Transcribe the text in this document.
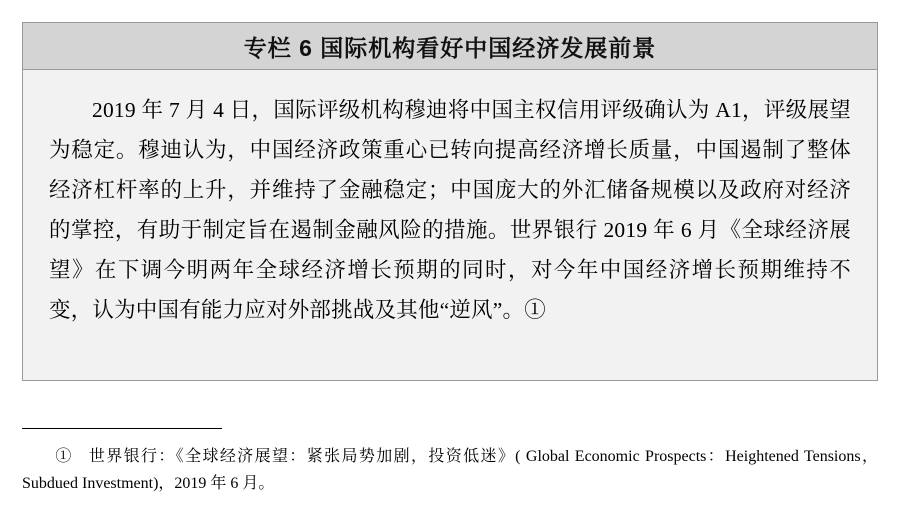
专栏 6 国际机构看好中国经济发展前景

2019 年 7 月 4 日，国际评级机构穆迪将中国主权信用评级确认为 A1，评级展望为稳定。穆迪认为，中国经济政策重心已转向提高经济增长质量，中国遏制了整体经济杠杆率的上升，并维持了金融稳定；中国庞大的外汇储备规模以及政府对经济的掌控，有助于制定旨在遏制金融风险的措施。世界银行 2019 年 6 月《全球经济展望》在下调今明两年全球经济增长预期的同时，对今年中国经济增长预期维持不变，认为中国有能力应对外部挑战及其他“逆风”。①

① 世界银行：《全球经济展望：紧张局势加剧，投资低迷》( Global Economic Prospects：Heightened Tensions，Subdued Investment)，2019 年 6 月。
